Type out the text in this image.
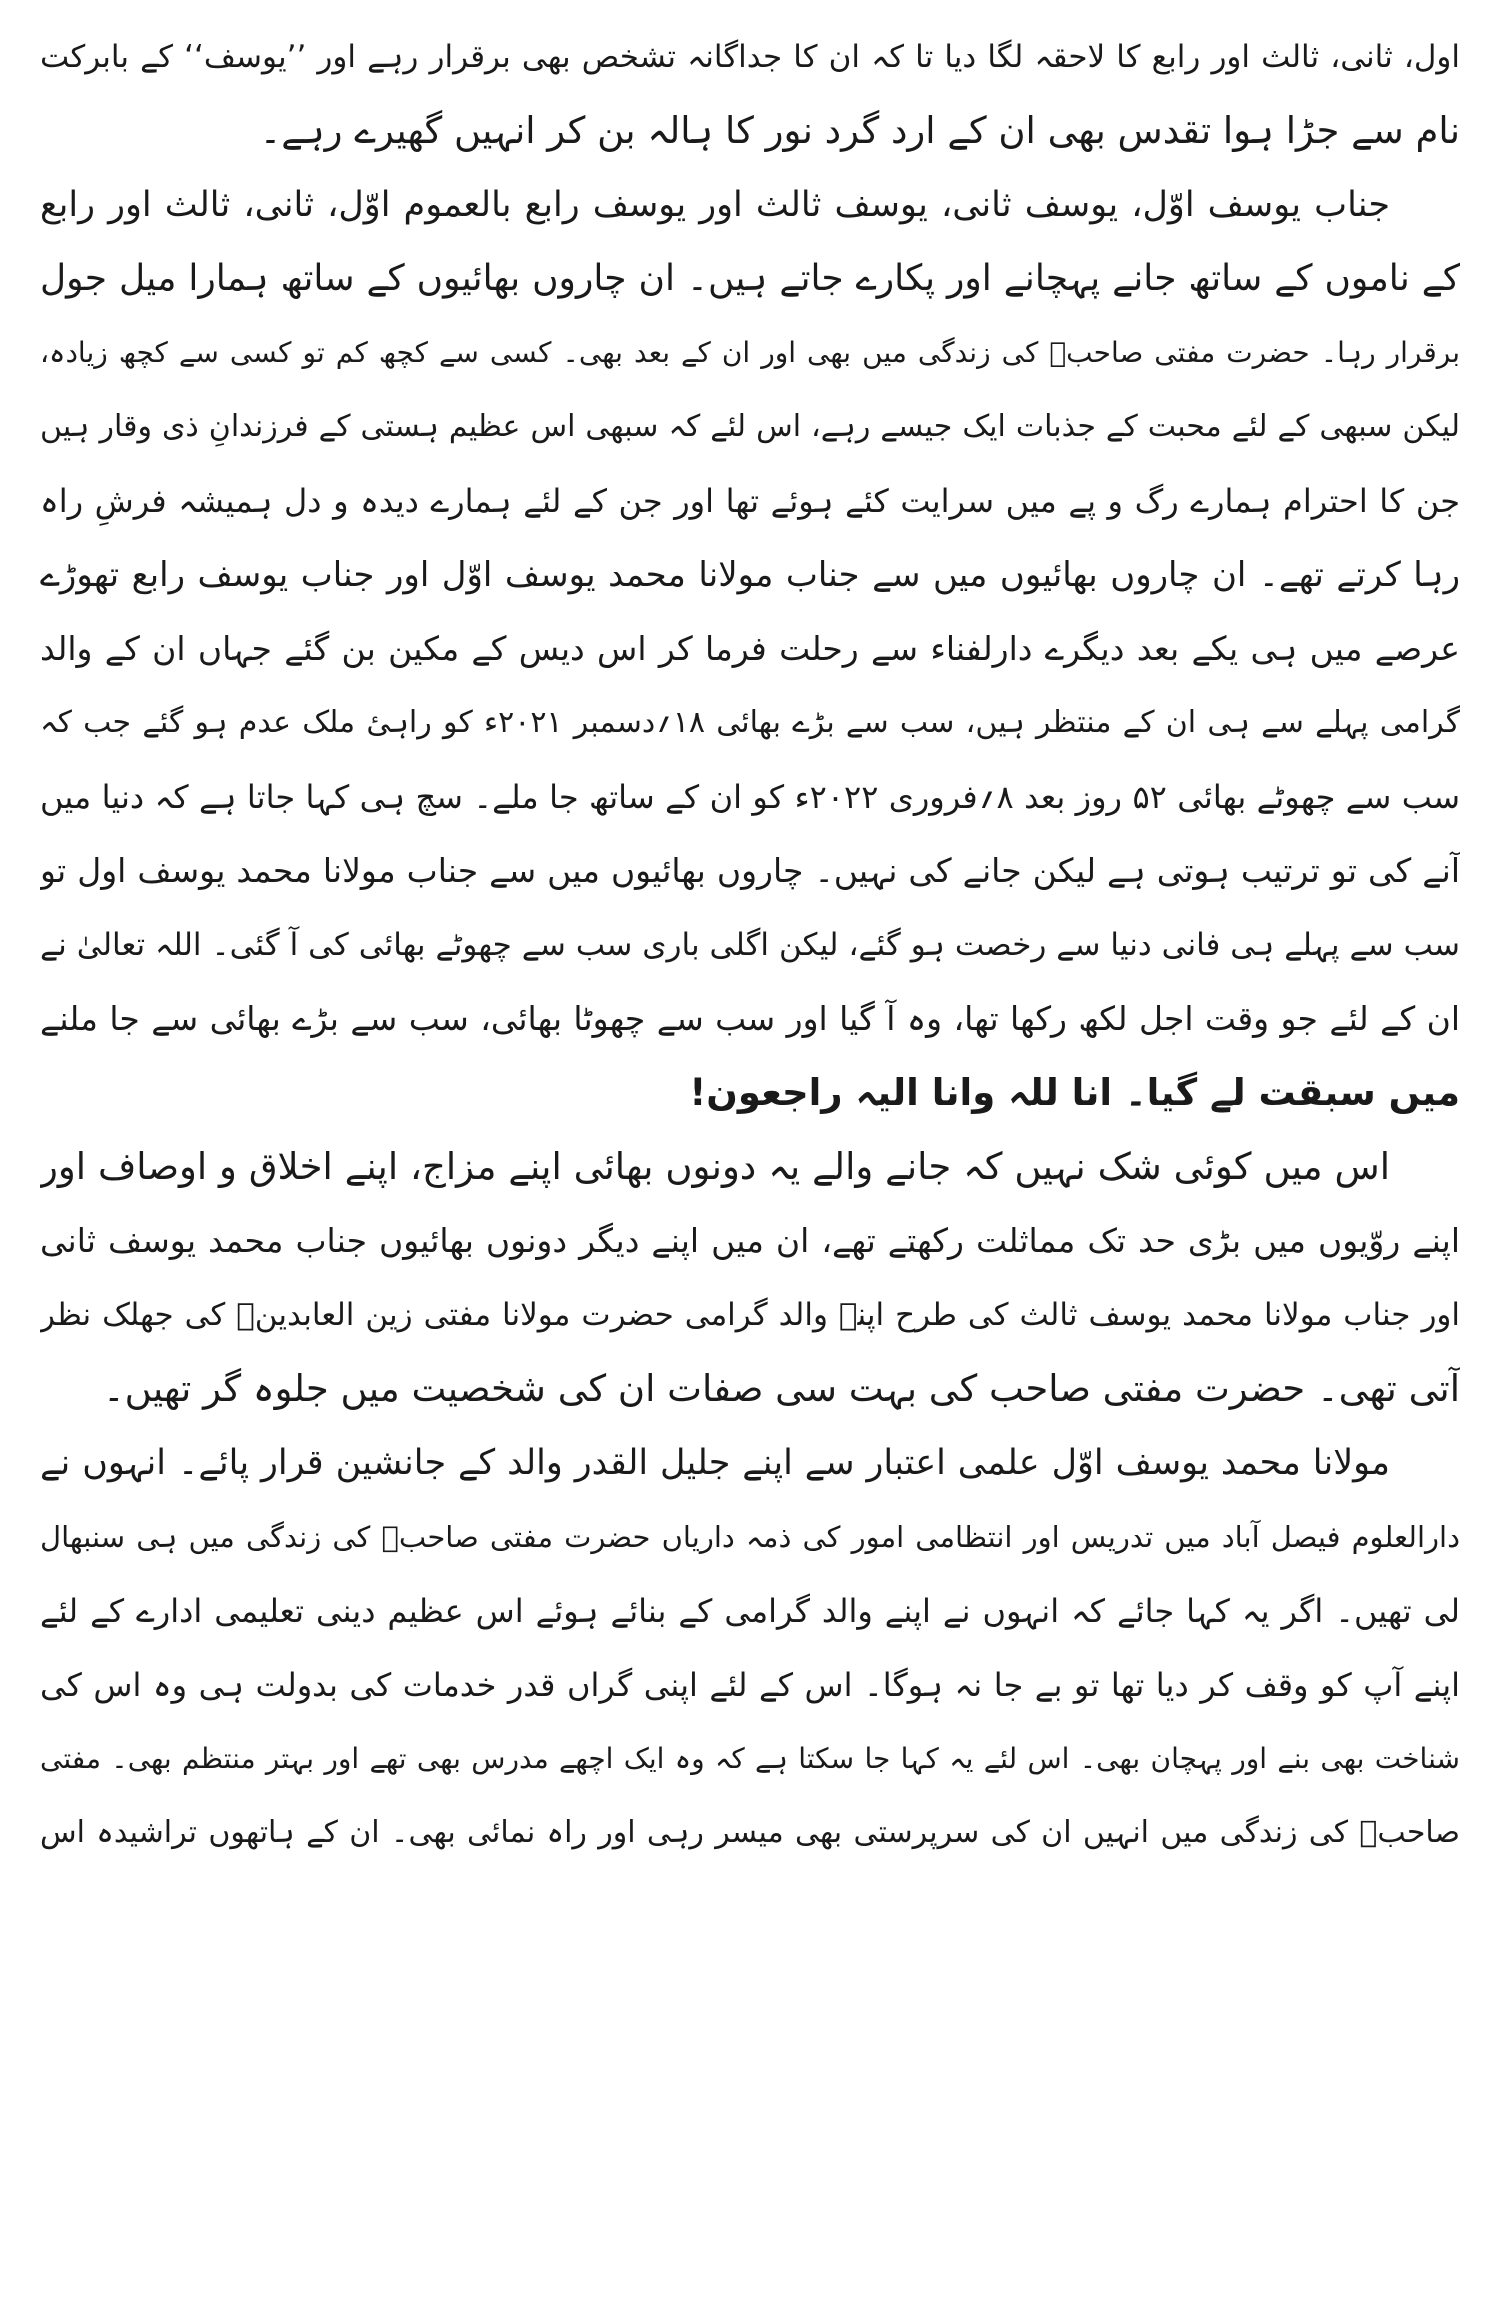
اول، ثانی، ثالث اور رابع کا لاحقہ لگا دیا تا کہ ان کا جداگانہ تشخص بھی برقرار رہے اور ’’یوسف‘‘ کے بابرکت
نام سے جڑا ہوا تقدس بھی ان کے ارد گرد نور کا ہالہ بن کر انہیں گھیرے رہے۔
جناب یوسف اوّل، یوسف ثانی، یوسف ثالث اور یوسف رابع بالعموم اوّل، ثانی، ثالث اور رابع
کے ناموں کے ساتھ جانے پہچانے اور پکارے جاتے ہیں۔ ان چاروں بھائیوں کے ساتھ ہمارا میل جول
برقرار رہا۔ حضرت مفتی صاحبؒ کی زندگی میں بھی اور ان کے بعد بھی۔ کسی سے کچھ کم تو کسی سے کچھ زیادہ،
لیکن سبھی کے لئے محبت کے جذبات ایک جیسے رہے، اس لئے کہ سبھی اس عظیم ہستی کے فرزندانِ ذی وقار ہیں
جن کا احترام ہمارے رگ و پے میں سرایت کئے ہوئے تھا اور جن کے لئے ہمارے دیدہ و دل ہمیشہ فرشِ راہ
رہا کرتے تھے۔ ان چاروں بھائیوں میں سے جناب مولانا محمد یوسف اوّل اور جناب یوسف رابع تھوڑے
عرصے میں ہی یکے بعد دیگرے دارلفناء سے رحلت فرما کر اس دیس کے مکین بن گئے جہاں ان کے والد
گرامی پہلے سے ہی ان کے منتظر ہیں، سب سے بڑے بھائی ۱۸؍دسمبر ۲۰۲۱ء کو راہیٔ ملک عدم ہو گئے جب کہ
سب سے چھوٹے بھائی ۵۲ روز بعد ۸؍فروری ۲۰۲۲ء کو ان کے ساتھ جا ملے۔ سچ ہی کہا جاتا ہے کہ دنیا میں
آنے کی تو ترتیب ہوتی ہے لیکن جانے کی نہیں۔ چاروں بھائیوں میں سے جناب مولانا محمد یوسف اول تو
سب سے پہلے ہی فانی دنیا سے رخصت ہو گئے، لیکن اگلی باری سب سے چھوٹے بھائی کی آ گئی۔ اللہ تعالیٰ نے
ان کے لئے جو وقت اجل لکھ رکھا تھا، وہ آ گیا اور سب سے چھوٹا بھائی، سب سے بڑے بھائی سے جا ملنے
میں سبقت لے گیا۔ انا للہ وانا الیہ راجعون!
اس میں کوئی شک نہیں کہ جانے والے یہ دونوں بھائی اپنے مزاج، اپنے اخلاق و اوصاف اور
اپنے روّیوں میں بڑی حد تک مماثلت رکھتے تھے، ان میں اپنے دیگر دونوں بھائیوں جناب محمد یوسف ثانی
اور جناب مولانا محمد یوسف ثالث کی طرح اپنے والد گرامی حضرت مولانا مفتی زین العابدینؒ کی جھلک نظر
آتی تھی۔ حضرت مفتی صاحب کی بہت سی صفات ان کی شخصیت میں جلوہ گر تھیں۔
مولانا محمد یوسف اوّل علمی اعتبار سے اپنے جلیل القدر والد کے جانشین قرار پائے۔ انہوں نے
دارالعلوم فیصل آباد میں تدریس اور انتظامی امور کی ذمہ داریاں حضرت مفتی صاحبؒ کی زندگی میں ہی سنبھال
لی تھیں۔ اگر یہ کہا جائے کہ انہوں نے اپنے والد گرامی کے بنائے ہوئے اس عظیم دینی تعلیمی ادارے کے لئے
اپنے آپ کو وقف کر دیا تھا تو بے جا نہ ہوگا۔ اس کے لئے اپنی گراں قدر خدمات کی بدولت ہی وہ اس کی
شناخت بھی بنے اور پہچان بھی۔ اس لئے یہ کہا جا سکتا ہے کہ وہ ایک اچھے مدرس بھی تھے اور بہتر منتظم بھی۔ مفتی
صاحبؒ کی زندگی میں انہیں ان کی سرپرستی بھی میسر رہی اور راہ نمائی بھی۔ ان کے ہاتھوں تراشیدہ اس
